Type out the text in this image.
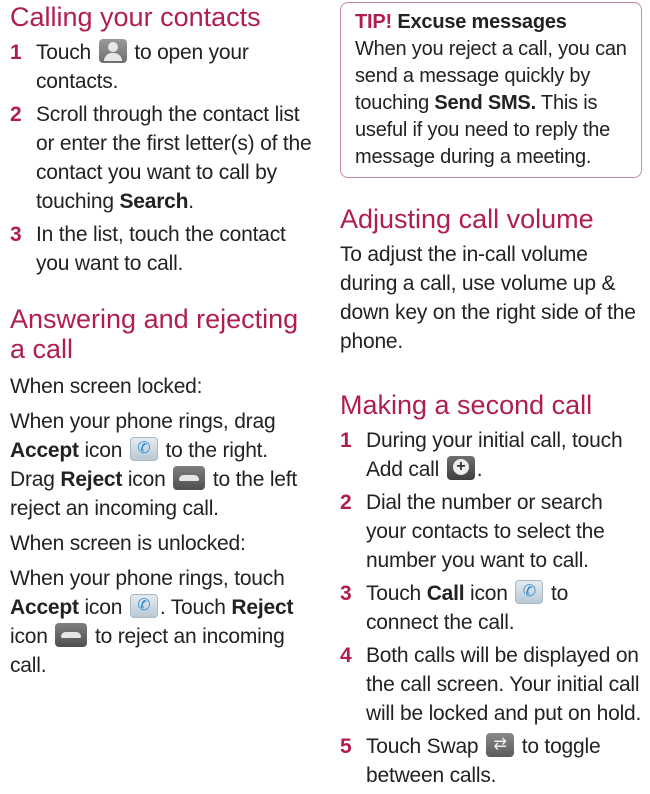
Calling your contacts
1 Touch to open your contacts.
2 Scroll through the contact list or enter the first letter(s) of the contact you want to call by touching Search.
3 In the list, touch the contact you want to call.
Answering and rejecting a call

When screen locked:

When your phone rings, drag Accept icon ✆ to the right.
Drag Reject icon to the left reject an incoming call.

When screen is unlocked:

When your phone rings, touch Accept icon ✆ . Touch Reject icon to reject an incoming call.

TIP! Excuse messages
When you reject a call, you can send a message quickly by touching Send SMS. This is useful if you need to reply the message during a meeting.
Adjusting call volume

To adjust the in-call volume during a call, use volume up & down key on the right side of the phone.

Making a second call
1 During your initial call, touch Add call + .
2 Dial the number or search your contacts to select the number you want to call.
3 Touch Call icon ✆ to connect the call.
4 Both calls will be displayed on the call screen. Your initial call will be locked and put on hold.
5 Touch Swap ⇄ to toggle between calls.
